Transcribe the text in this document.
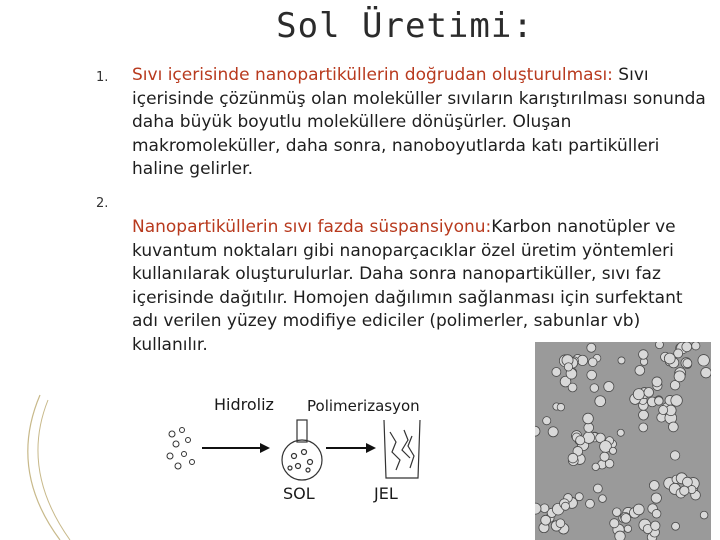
Sol Üretimi:
1. Sıvı içerisinde nanopartiküllerin doğrudan oluşturulması: Sıvı içerisinde çözünmüş olan moleküller sıvıların karıştırılması sonunda daha büyük boyutlu moleküllere dönüşürler. Oluşan makromoleküller, daha sonra, nanoboyutlarda katı partikülleri haline gelirler.
2.
Nanopartiküllerin sıvı fazda süspansiyonu:Karbon nanotüpler ve kuvantum noktaları gibi nanoparçacıklar özel üretim yöntemleri kullanılarak oluşturulurlar. Daha sonra nanopartiküller, sıvı faz içerisinde dağıtılır. Homojen dağılımın sağlanması için surfektant adı verilen yüzey modifiye ediciler (polimerler, sabunlar vb) kullanılır.
Hidroliz Polimerizasyon
SOL	JEL
